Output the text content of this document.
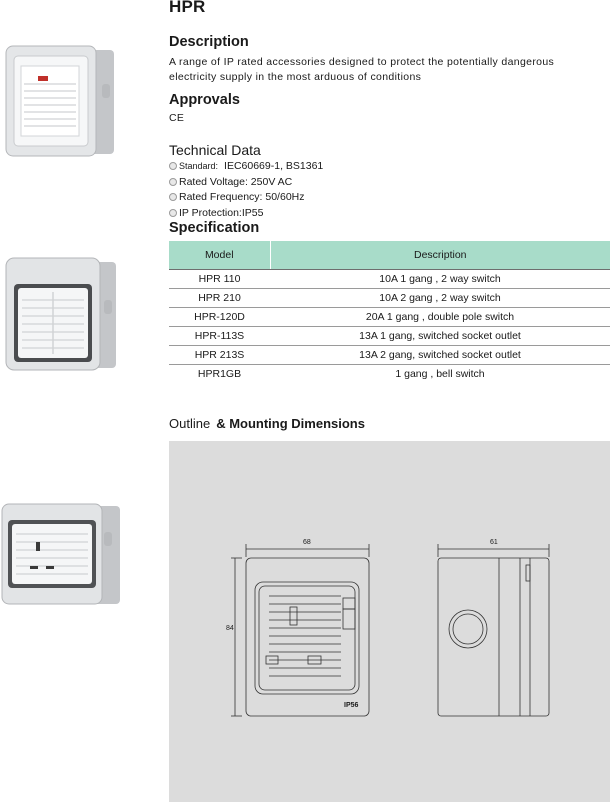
HPR
Description
A range of IP rated accessories designed to protect the potentially dangerous
electricity supply in the most arduous of conditions
Approvals
CE
Technical Data
Standard: IEC60669-1, BS1361
Rated Voltage: 250V AC
Rated Frequency: 50/60Hz
IP Protection:IP55
Specification
Model	Description
HPR 110	10A 1 gang , 2 way switch
HPR 210	10A 2 gang , 2 way switch
HPR-120D	20A 1 gang , double pole switch
HPR-113S	13A 1 gang, switched socket outlet
HPR 213S	13A 2 gang, switched socket outlet
HPR1GB	1 gang , bell switch
Outline & Mounting Dimensions
68
84
61
IP56
